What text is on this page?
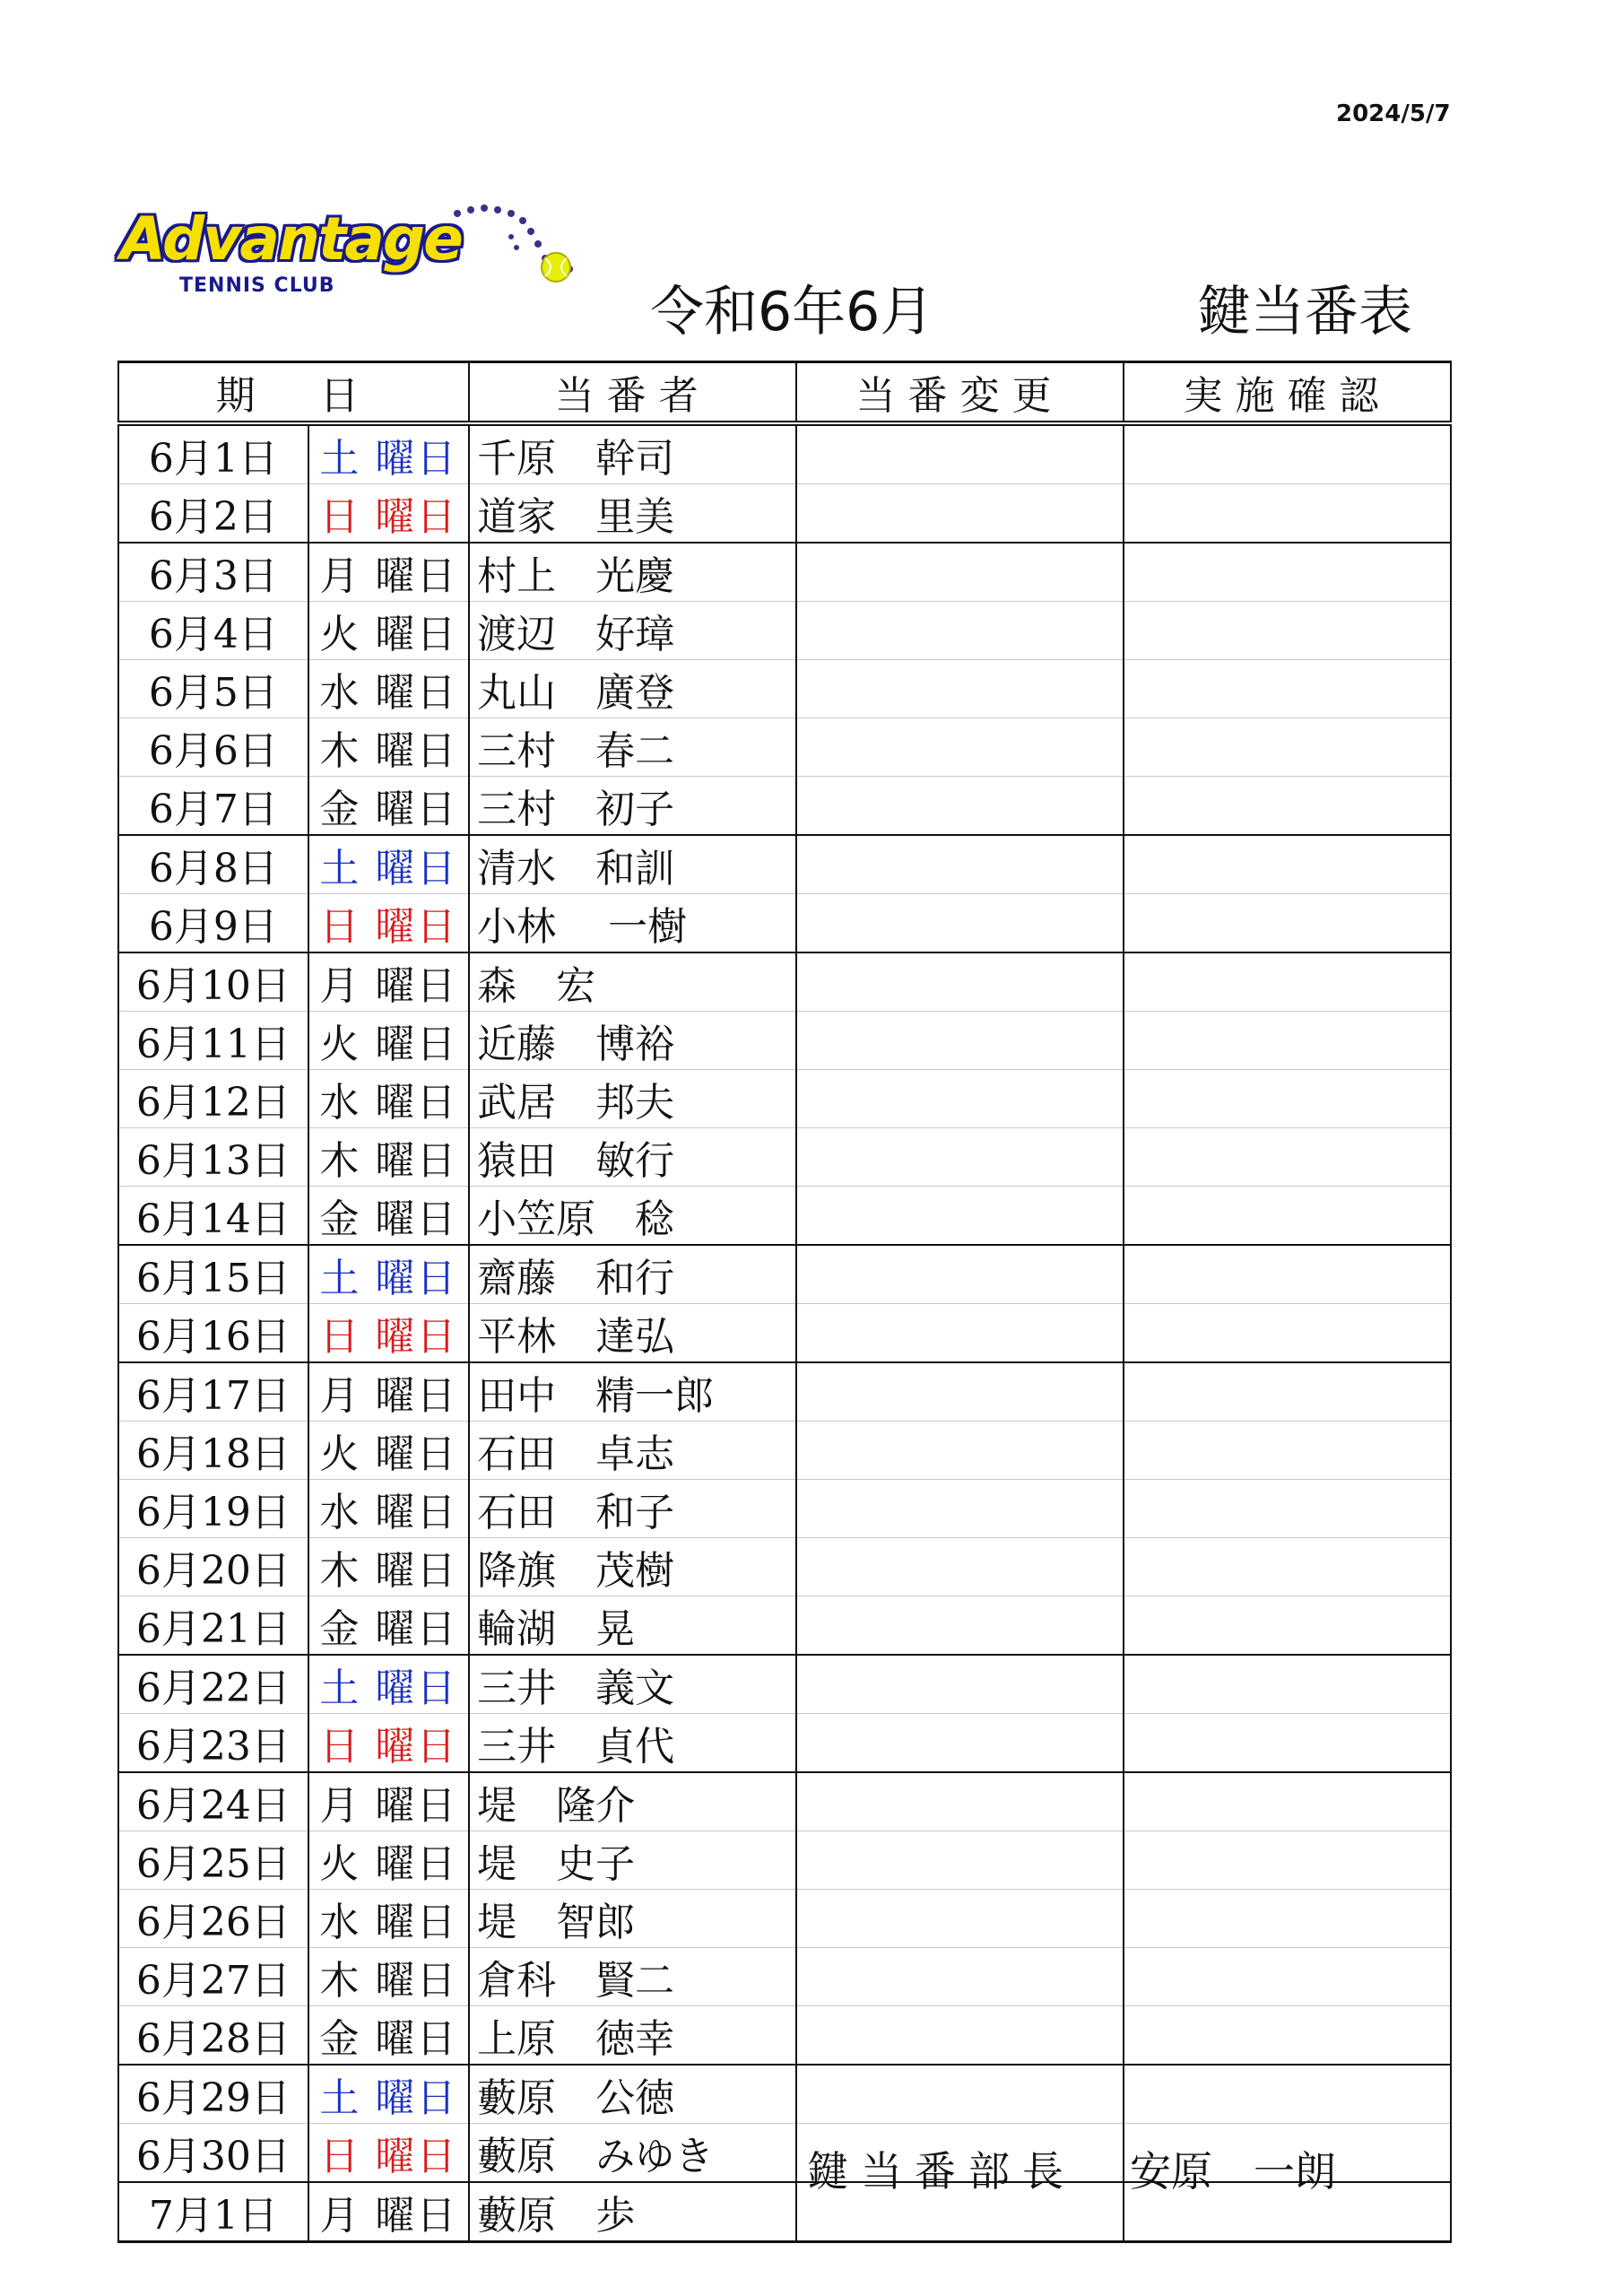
2024/5/7
Advantage
TENNIS CLUB	令和6年6月	鍵当番表
期　日		当番者	当番変更	実施確認
6月1日	土 曜日	千原　幹司		
6月2日	日 曜日	道家　里美		
6月3日	月 曜日	村上　光慶		
6月4日	火 曜日	渡辺　好璋		
6月5日	水 曜日	丸山　廣登		
6月6日	木 曜日	三村　春二		
6月7日	金 曜日	三村　初子		
6月8日	土 曜日	清水　和訓		
6月9日	日 曜日	小林　 一樹		
6月10日	月 曜日	森　宏		
6月11日	火 曜日	近藤　博裕		
6月12日	水 曜日	武居　邦夫		
6月13日	木 曜日	猿田　敏行		
6月14日	金 曜日	小笠原　稔		
6月15日	土 曜日	齋藤　和行		
6月16日	日 曜日	平林　達弘		
6月17日	月 曜日	田中　精一郎		
6月18日	火 曜日	石田　卓志		
6月19日	水 曜日	石田　和子		
6月20日	木 曜日	降旗　茂樹		
6月21日	金 曜日	輪湖　晃		
6月22日	土 曜日	三井　義文		
6月23日	日 曜日	三井　貞代		
6月24日	月 曜日	堤　隆介		
6月25日	火 曜日	堤　史子		
6月26日	水 曜日	堤　智郎		
6月27日	木 曜日	倉科　賢二		
6月28日	金 曜日	上原　徳幸		
6月29日	土 曜日	藪原　公徳		
6月30日	日 曜日	藪原　みゆき		
7月1日	月 曜日	藪原　歩		
鍵当番部長 安原　一朗
